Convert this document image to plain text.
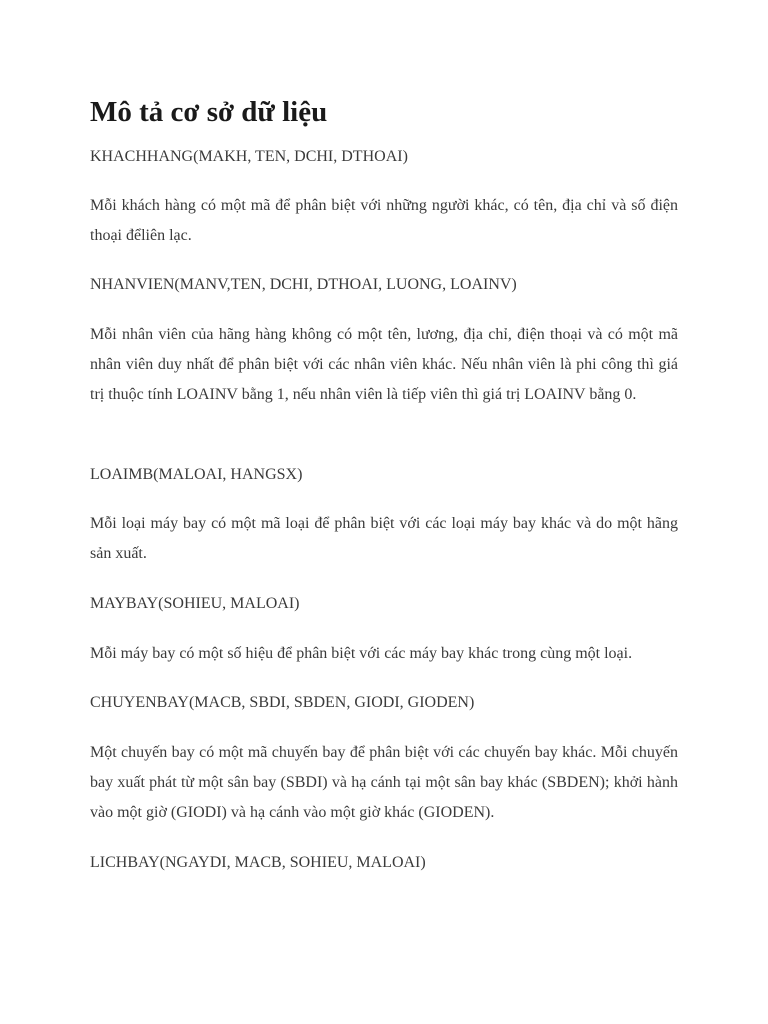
Mô tả cơ sở dữ liệu

KHACHHANG(MAKH, TEN, DCHI, DTHOAI)

Mỗi khách hàng có một mã để phân biệt với những người khác, có tên, địa chỉ và số điện thoại đểliên lạc.

NHANVIEN(MANV,TEN, DCHI, DTHOAI, LUONG, LOAINV)

Mỗi nhân viên của hãng hàng không có một tên, lương, địa chỉ, điện thoại và có một mã nhân viên duy nhất để phân biệt với các nhân viên khác. Nếu nhân viên là phi công thì giá trị thuộc tính LOAINV bằng 1, nếu nhân viên là tiếp viên thì giá trị LOAINV bằng 0.

LOAIMB(MALOAI, HANGSX)

Mỗi loại máy bay có một mã loại để phân biệt với các loại máy bay khác và do một hãng sản xuất.

MAYBAY(SOHIEU, MALOAI)

Mỗi máy bay có một số hiệu để phân biệt với các máy bay khác trong cùng một loại.

CHUYENBAY(MACB, SBDI, SBDEN, GIODI, GIODEN)

Một chuyến bay có một mã chuyến bay để phân biệt với các chuyến bay khác. Mỗi chuyến bay xuất phát từ một sân bay (SBDI) và hạ cánh tại một sân bay khác (SBDEN); khởi hành vào một giờ (GIODI) và hạ cánh vào một giờ khác (GIODEN).

LICHBAY(NGAYDI, MACB, SOHIEU, MALOAI)
